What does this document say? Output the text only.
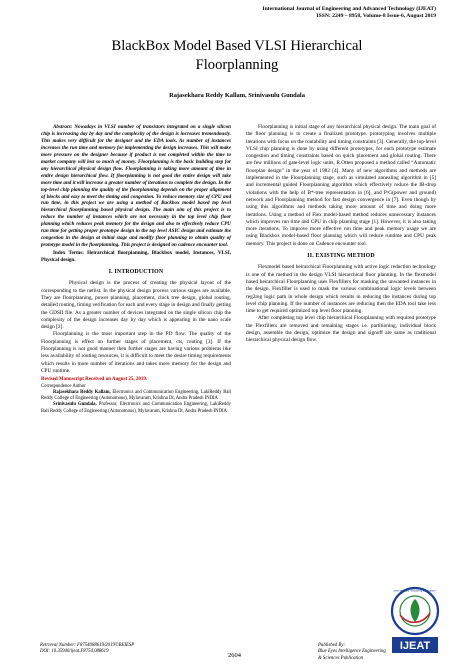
International Journal of Engineering and Advanced Technology (IJEAT)
ISSN: 2249 – 8958, Volume-8 Issue-6, August 2019
BlackBox Model Based VLSI Hierarchical
Floorplanning
Rajasekhara Reddy Kallam, Srinivasulu Gundala

Abstract: Nowadays in VLSI number of transistors integrated on a single silicon chip is increasing day by day and the complexity of the design is increases tremendously. This makes very difficult for the designer and the EDA tools. As number of instances increases the run time and memory for implementing the design increases. This will make more pressure on the designer because if product is not completed within the time to market company will lost so much of money. Floorplanning is the basic building step for any hierarchical physical design flow. Floorplanning is taking more amount of time in entire design hierarchical flow. If floorplanning is not good the entire design will take more time and it will increase a greater number of iterations to complete the design. In the top-level chip planning the quality of the floorplanning depends on the proper alignment of blocks and easy to meet the timing and congestion. To reduce memory size of CPU and run time, in this project we are using a method of Backbox model based top level hierarchical floorplanning based physical design. The main aim of this project is to reduce the number of instances which are not necessary in the top level chip floor planning which reduces peak memory for the design and also to effectively reduce CPU run time for getting proper prototype design in the top level ASIC design and estimate the congestion in the design at initial stage and modify floor planning to obtain quality of prototype model in the floorplanning. This project is designed on cadence encounter tool.

Index Terms: Heirarchical floorplanning, Blackbox model, Instances, VLSI, Physical design.

I. INTRODUCTION

Physical design is the process of creating the physical layout of the corresponding to the netlist. In the physical design process various stages are available. They are floorplanning, power planning, placement, clock tree design, global routing, detailed routing, timing verification for each and every stage in design and finally getting the GDSII file. As a greater number of devices integrated on the single silicon chip the complexity of the design increases day by day which is appearing in the nano scale design [2].

Floorplanning is the most important step in the PD flow. The quality of the Floorplanning is effect on further stages of placement, cts, routing [3]. If the Floorplanning is not good manner then further stages are having various problems like less availability of routing resources, it is difficult to meet the desire timing requirements which results in more number of iterations and takes more memory for the design and CPU runtime.

Revised Manuscript Received on August 25, 2019.

Correspondence Author

Rajasekhara Reddy Kallam, Electronics and Communication Engineering, LakiReddy Bali Reddy College of Engineering (Autonomous), Mylavaram, Krishna Dt, Andra Pradesh INDIA

Srinivasulu Gundala, Professor, Electronics and Communication Engineering, LakiReddy Bali Reddy College of Engineering (Autonomous), Mylavaram, Krishna Dt, Andra Pradesh INDIA

Floorplanning is initial stage of any hierarchical physical design. The main goal of the floor planning is to create a finalized prototype. prototyping involves multiple iterations with focus on the routability and timing constraints [3]. Generally, the top-level VLSI chip planning is done by using different prototypes, for each prototype estimate congestion and timing constraints based on quick placement and global routing. There are few millions of gate-level logic units, R.Otten proposed a method called “Automatic floorplan design” in the year of 1982 [4]. Many of new algorithms and methods are implemented in the Floorplanning stage, such as simulated annealing algorithm in [5] and incremental guided Floorplanning algorithm which effectively reduce the IR-drop violations with the help of B*-tree representation in [6], and P/G(power and ground) network and Floorplanning method for fast design convergence in [7]. Even though by using this algorithms and methods taking more amount of time and doing more iterations. Using a method of Flex model-based method reduces unnecessary instances which improves run time and CPU in chip planning stage [1]. However, it is also taking more iterations. To improve more effective run time and peak memory usage we are using Blackbox model-based floor planning which will reduce runtime and CPU peak memory. This project is done on Cadence encounter tool.

II. EXISTING METHOD

Flexmodel based heirarchical Floorplanning with active logic reduction technology is one of the method in the design VLSI hierarchical floor planning. In the flexmodel based heirarchical Floorplanning uses Flexfillers for masking the unwanted instances in the design. Flexfiller is used to mask the various combinational logic levels between reg2reg logic path in whole design which results in reducing the instances during top level chip planning. If the number of instances are reducing then the EDA tool take less time to get required optimized top level floor planning.

After completing top level chip hierarchical Floorplanning with required prototype the Flexfillers are removed and remaining stages i.e. partitioning, individual block design, assemble the design, optimize the design and signoff are same as traditional hierarchical physical design flow.

Retrieval Number: F8754088619/2019©BEIESP
DOI: 10.35940/ijeat.F8754.088619
2604
Published By:
Blue Eyes Intelligence Engineering
& Sciences Publication
www.ijeat.org • Exploring Innovation •
IJEAT
